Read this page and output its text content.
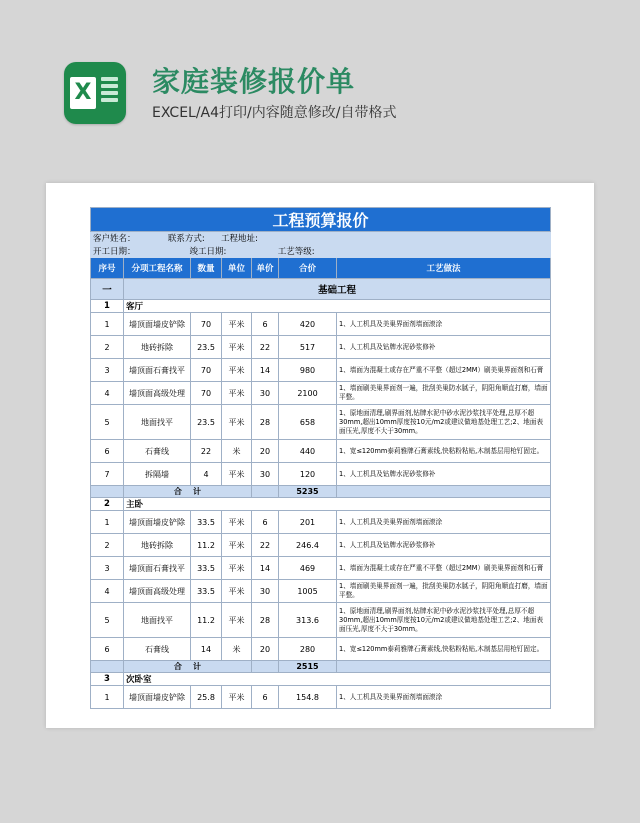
X 家庭装修报价单
EXCEL/A4打印/内容随意修改/自带格式
工程预算报价						
客户姓名：            联系方式:      工程地址:						
开工日期：                    竣工日期:                   工艺等级:						
序号	分项工程名称	数量	单位	单价	合价	工艺做法
一	基础工程					
1	客厅					
1	墙顶面墙皮铲除	70	平米	6	420	1、人工机具及美巢界面剂墙面滚涂
2	地砖拆除	23.5	平米	22	517	1、人工机具及钻牌水泥砂浆修补
3	墙顶面石膏找平	70	平米	14	980	1、墙面为混凝土或存在严重不平整（超过2MM）刷美巢界面剂和石膏
4	墙顶面高级处理	70	平米	30	2100	1、墙面刷美巢界面剂一遍，批刮美巢防水腻子，阴阳角顺直打磨，墙面平整。
5	地面找平	23.5	平米	28	658	1、原地面清理,刷界面剂,钻牌水泥中砂水泥沙浆找平处理,总厚不超30mm,超出10mm厚度按10元/m2或建议做地基处理工艺;2、地面表面压光,厚度不大于30mm。
6	石膏线	22	米	20	440	1、宽≤120mm泰莉雅牌石膏素线,快粘粉粘贴,木制基层用枪钉固定。
7	拆隔墙	4	平米	30	120	1、人工机具及钻牌水泥砂浆修补
	合    计				5235	
2	主卧					
1	墙顶面墙皮铲除	33.5	平米	6	201	1、人工机具及美巢界面剂墙面滚涂
2	地砖拆除	11.2	平米	22	246.4	1、人工机具及钻牌水泥砂浆修补
3	墙顶面石膏找平	33.5	平米	14	469	1、墙面为混凝土或存在严重不平整（超过2MM）刷美巢界面剂和石膏
4	墙顶面高级处理	33.5	平米	30	1005	1、墙面刷美巢界面剂一遍，批刮美巢防水腻子，阴阳角顺直打磨，墙面平整。
5	地面找平	11.2	平米	28	313.6	1、原地面清理,刷界面剂,钻牌水泥中砂水泥沙浆找平处理,总厚不超30mm,超出10mm厚度按10元/m2或建议做地基处理工艺;2、地面表面压光,厚度不大于30mm。
6	石膏线	14	米	20	280	1、宽≤120mm泰莉雅牌石膏素线,快粘粉粘贴,木制基层用枪钉固定。
	合    计				2515	
3	次卧室					
1	墙顶面墙皮铲除	25.8	平米	6	154.8	1、人工机具及美巢界面剂墙面滚涂
